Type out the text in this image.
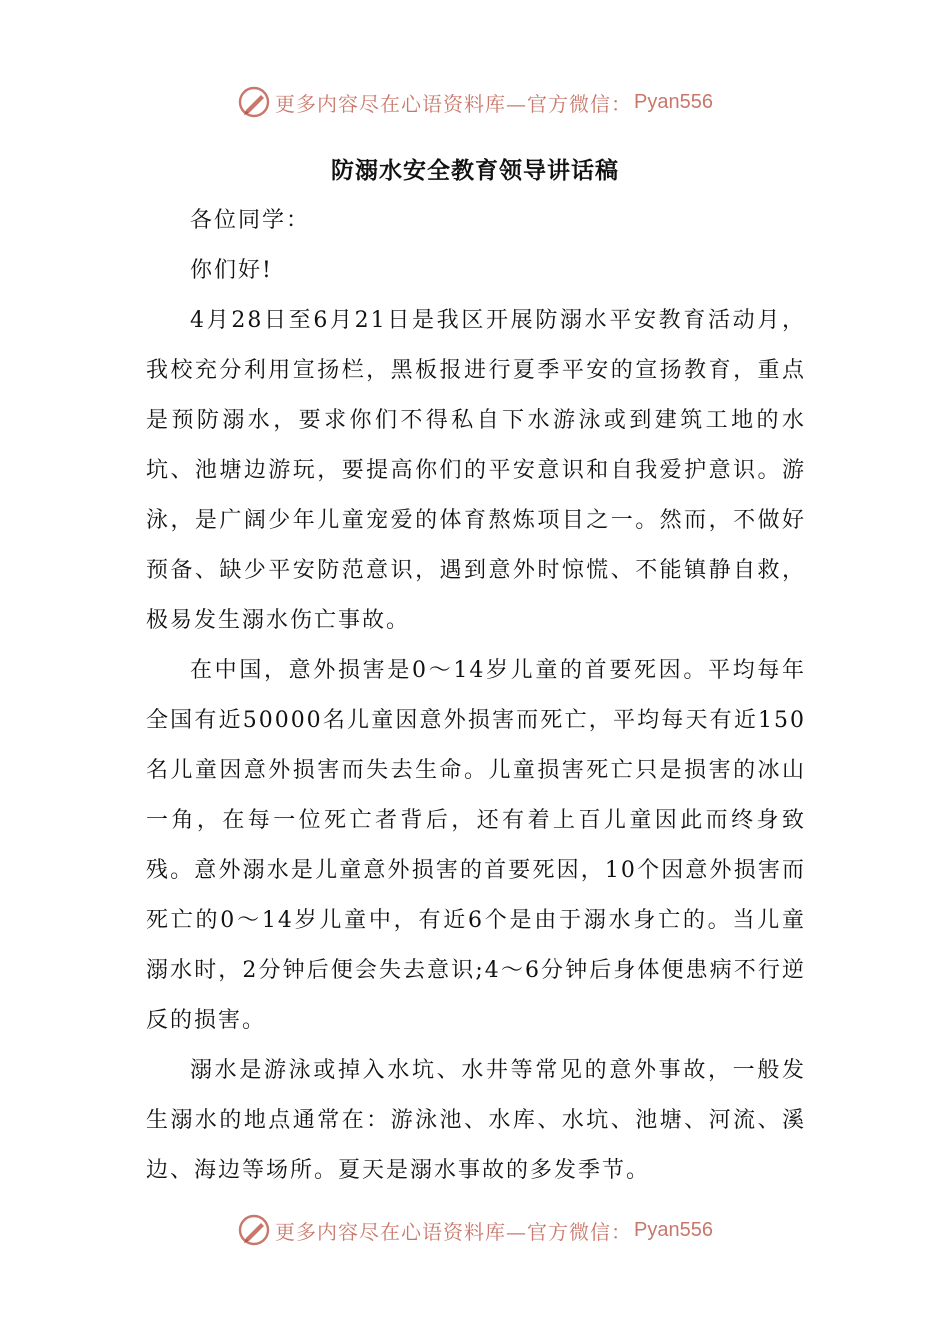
更多内容尽在心语资料库—官方微信： Pyan556
防溺水安全教育领导讲话稿

各位同学：

你们好!

4月28日至6月21日是我区开展防溺水平安教育活动月，我校充分利用宣扬栏，黑板报进行夏季平安的宣扬教育，重点是预防溺水，要求你们不得私自下水游泳或到建筑工地的水坑、池塘边游玩，要提高你们的平安意识和自我爱护意识。游泳，是广阔少年儿童宠爱的体育熬炼项目之一。然而，不做好预备、缺少平安防范意识，遇到意外时惊慌、不能镇静自救，极易发生溺水伤亡事故。

在中国，意外损害是0～14岁儿童的首要死因。平均每年全国有近50000名儿童因意外损害而死亡，平均每天有近150名儿童因意外损害而失去生命。儿童损害死亡只是损害的冰山一角，在每一位死亡者背后，还有着上百儿童因此而终身致残。意外溺水是儿童意外损害的首要死因，10个因意外损害而死亡的0～14岁儿童中，有近6个是由于溺水身亡的。当儿童溺水时，2分钟后便会失去意识;4～6分钟后身体便患病不行逆反的损害。

溺水是游泳或掉入水坑、水井等常见的意外事故，一般发生溺水的地点通常在：游泳池、水库、水坑、池塘、河流、溪边、海边等场所。夏天是溺水事故的多发季节。

更多内容尽在心语资料库—官方微信： Pyan556
